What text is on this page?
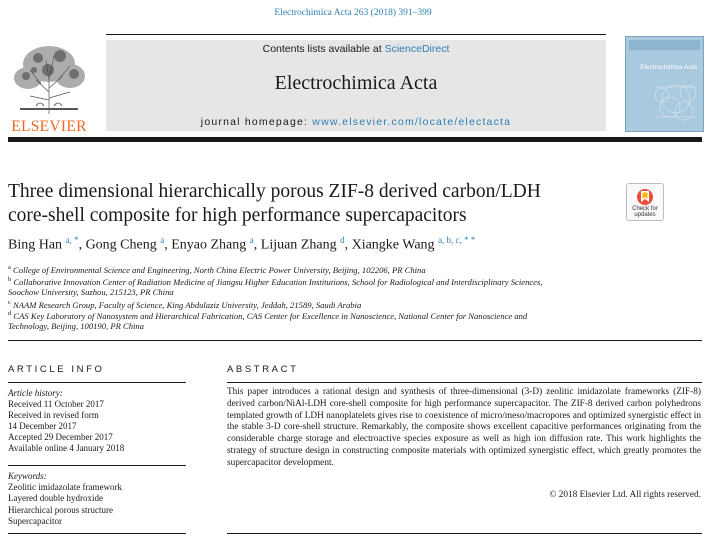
Electrochimica Acta 263 (2018) 391–399
ELSEVIER
Contents lists available at ScienceDirect
Electrochimica Acta
journal homepage: www.elsevier.com/locate/electacta
Electrochimica Acta
Check for updates
Three dimensional hierarchically porous ZIF-8 derived carbon/LDH
core-shell composite for high performance supercapacitors
Bing Han $^{a, *}$, Gong Cheng $^a$, Enyao Zhang $^a$, Lijuan Zhang $^d$, Xiangke Wang $^{a, b, c, * *}$
$^a$ College of Environmental Science and Engineering, North China Electric Power University, Beijing, 102206, PR China
$^b$ Collaborative Innovation Center of Radiation Medicine of Jiangsu Higher Education Institutions, School for Radiological and Interdisciplinary Sciences,
Soochow University, Suzhou, 215123, PR China
$^c$ NAAM Research Group, Faculty of Science, King Abdulaziz University, Jeddah, 21589, Saudi Arabia
$^d$ CAS Key Laboratory of Nanosystem and Hierarchical Fabrication, CAS Center for Excellence in Nanoscience, National Center for Nanoscience and
Technology, Beijing, 100190, PR China
ARTICLE INFO	ABSTRACT
Article history:
Received 11 October 2017
Received in revised form
14 December 2017
Accepted 29 December 2017
Available online 4 January 2018
Keywords:
Zeolitic imidazolate framework
Layered double hydroxide
Hierarchical porous structure
Supercapacitor
This paper introduces a rational design and synthesis of three-dimensional (3-D) zeolitic imidazolate frameworks (ZIF-8) derived carbon/NiAl-LDH core-shell composite for high performance supercapacitor. The ZIF-8 derived carbon polyhedrons templated growth of LDH nanoplatelets gives rise to coexistence of micro/meso/macropores and optimized synergistic effect in the stable 3-D core-shell structure. Remarkably, the composite shows excellent capacitive performances originating from the considerable charge storage and electroactive species exposure as well as high ion diffusion rate. This work highlights the strategy of structure design in constructing composite materials with optimized synergistic effect, which greatly promotes the supercapacitor development.
© 2018 Elsevier Ltd. All rights reserved.
